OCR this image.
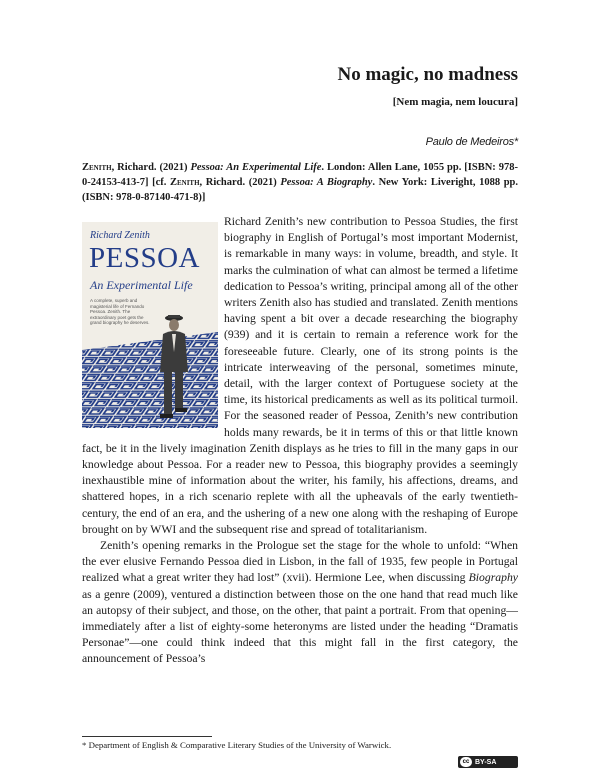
No magic, no madness
[Nem magia, nem loucura]
Paulo de Medeiros*
Zenith, Richard. (2021) Pessoa: An Experimental Life. London: Allen Lane, 1055 pp. [ISBN: 978-0-24153-413-7] [cf. Zenith, Richard. (2021) Pessoa: A Biography. New York: Liveright, 1088 pp. (ISBN: 978-0-87140-471-8)]

Richard Zenith’s new contribution to Pessoa Studies, the first biography in English of Portugal’s most important Modernist, is remarkable in many ways: in volume, breadth, and style. It marks the culmination of what can almost be termed a lifetime dedication to Pessoa’s writing, principal among all of the other writers Zenith also has studied and translated. Zenith mentions having spent a bit over a decade researching the biography (939) and it is certain to remain a reference work for the foreseeable future. Clearly, one of its strong points is the intricate interweaving of the personal, sometimes minute, detail, with the larger context of Portuguese society at the time, its historical predicaments as well as its political turmoil. For the seasoned reader of Pessoa, Zenith’s new contribution holds many rewards, be it in terms of this or that little known fact, be it in the lively imagination Zenith displays as he tries to fill in the many gaps in our knowledge about Pessoa. For a reader new to Pessoa, this biography provides a seemingly inexhaustible mine of information about the writer, his family, his affections, dreams, and shattered hopes, in a rich scenario replete with all the upheavals of the early twentieth-century, the end of an era, and the ushering of a new one along with the reshaping of Europe brought on by WWI and the subsequent rise and spread of totalitarianism.

Zenith’s opening remarks in the Prologue set the stage for the whole to unfold: “When the ever elusive Fernando Pessoa died in Lisbon, in the fall of 1935, few people in Portugal realized what a great writer they had lost” (xvii). Hermione Lee, when discussing Biography as a genre (2009), ventured a distinction between those on the one hand that read much like an autopsy of their subject, and those, on the other, that paint a portrait. From that opening—immediately after a list of eighty-some heteronyms are listed under the heading “Dramatis Personae”—one could think indeed that this might fall in the first category, the announcement of Pessoa’s

Richard Zenith
PESSOA
An Experimental Life
A complete, superb and magisterial life of Fernando Pessoa. Zenith. The extraordinary poet gets the grand biography he deserves.
* Department of English & Comparative Literary Studies of the University of Warwick.
cc BY-SA
